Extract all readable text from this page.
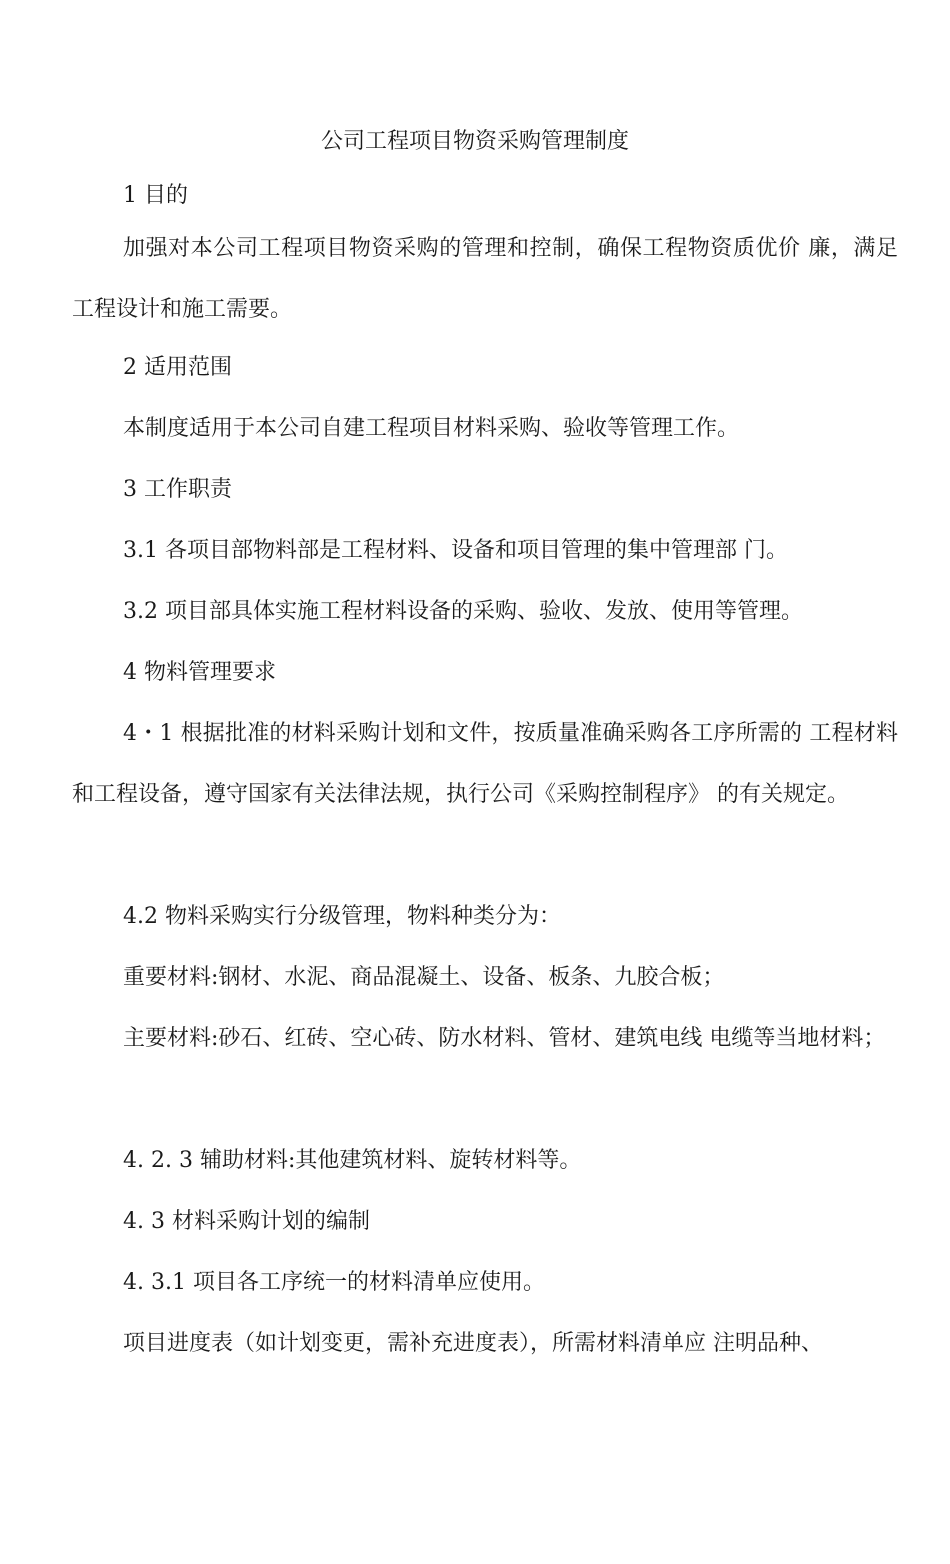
公司工程项目物资采购管理制度

1 目的

加强对本公司工程项目物资采购的管理和控制，确保工程物资质优价 廉，满足工程设计和施工需要。

2 适用范围

本制度适用于本公司自建工程项目材料采购、验收等管理工作。

3 工作职责

3.1 各项目部物料部是工程材料、设备和项目管理的集中管理部 门。

3.2 项目部具体实施工程材料设备的采购、验收、发放、使用等管理。

4 物料管理要求

4・1 根据批准的材料采购计划和文件，按质量准确采购各工序所需的 工程材料和工程设备，遵守国家有关法律法规，执行公司《采购控制程序》 的有关规定。

4.2 物料采购实行分级管理，物料种类分为：

重要材料:钢材、水泥、商品混凝土、设备、板条、九胶合板；

主要材料:砂石、红砖、空心砖、防水材料、管材、建筑电线 电缆等当地材料；

4. 2. 3 辅助材料:其他建筑材料、旋转材料等。

4. 3 材料采购计划的编制

4. 3.1 项目各工序统一的材料清单应使用。

项目进度表（如计划变更，需补充进度表），所需材料清单应 注明品种、
